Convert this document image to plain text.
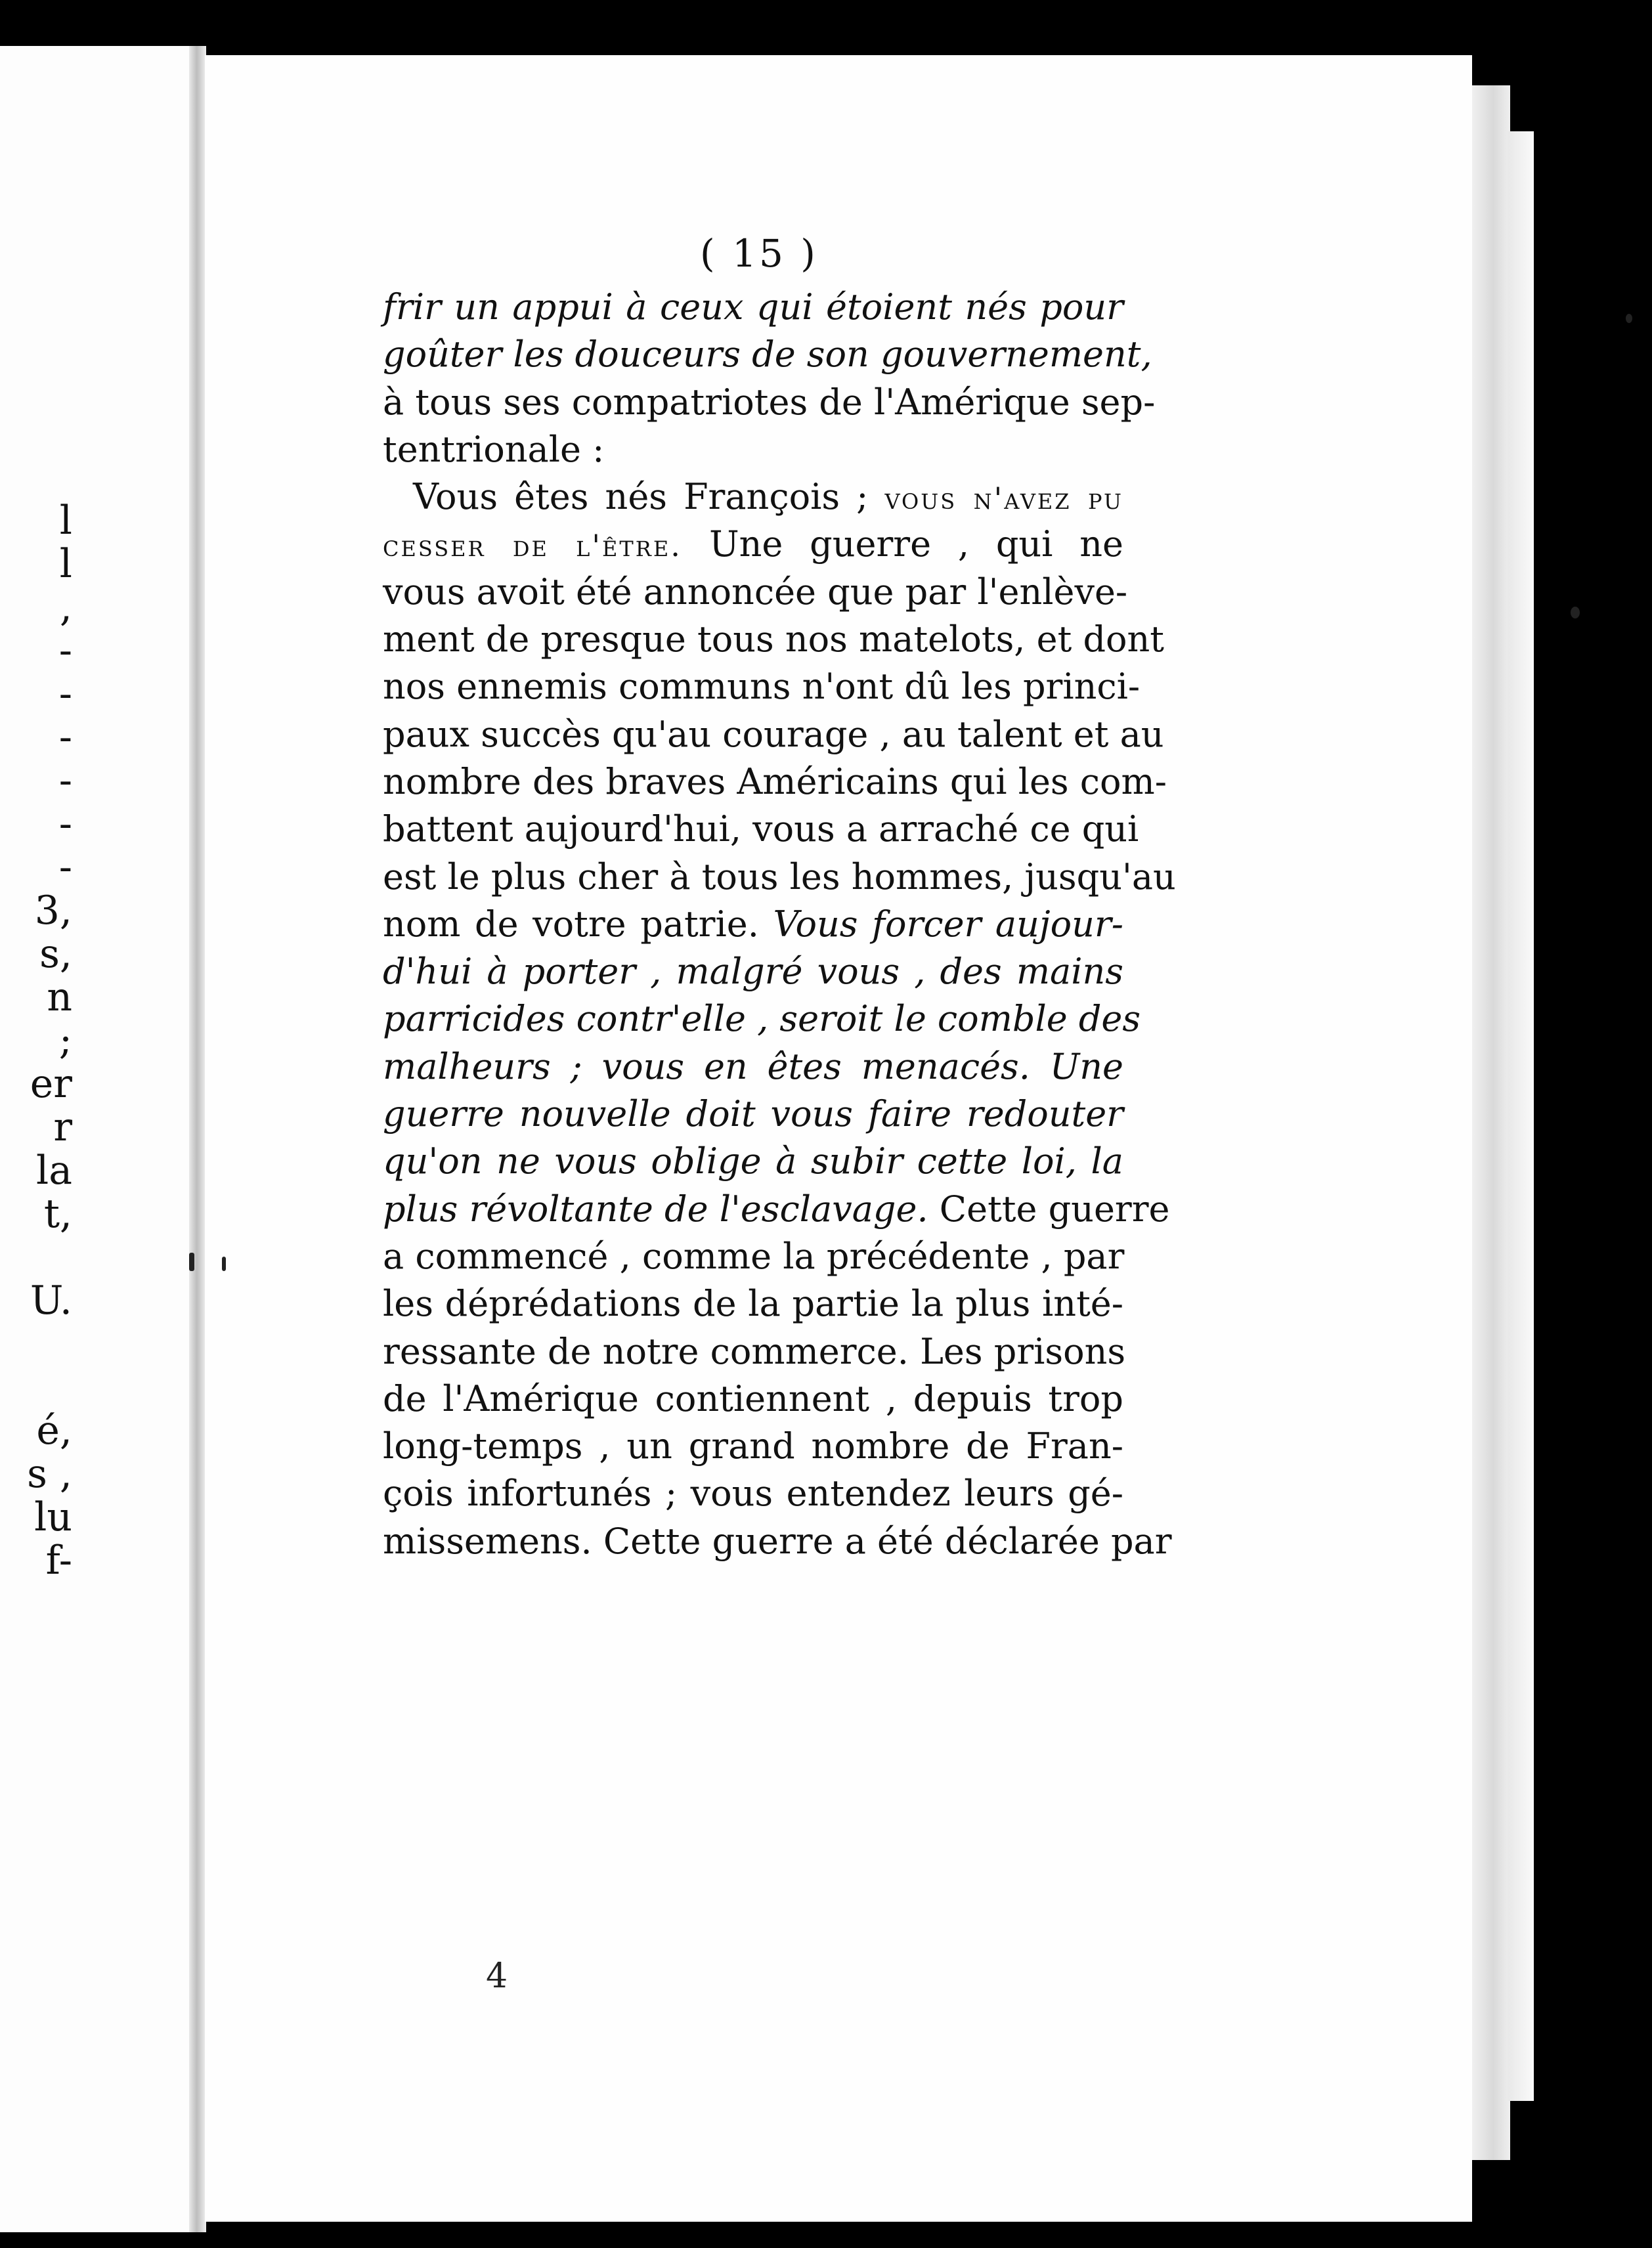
l
l
,
-
-
-
-
-
-
3,
s,
n
;
er
r
la
t,
U.
é,
s ,
lu
f-
( 15 )
frir un appui à ceux qui étoient nés pour
goûter les douceurs de son gouvernement,
à tous ses compatriotes de l'Amérique sep-
tentrionale :
Vous êtes nés François ; vous n'avez pu
cesser de l'être. Une guerre , qui ne
vous avoit été annoncée que par l'enlève-
ment de presque tous nos matelots, et dont
nos ennemis communs n'ont dû les princi-
paux succès qu'au courage , au talent et au
nombre des braves Américains qui les com-
battent aujourd'hui, vous a arraché ce qui
est le plus cher à tous les hommes, jusqu'au
nom de votre patrie. Vous forcer aujour-
d'hui à porter , malgré vous , des mains
parricides contr'elle , seroit le comble des
malheurs ; vous en êtes menacés. Une
guerre nouvelle doit vous faire redouter
qu'on ne vous oblige à subir cette loi, la
plus révoltante de l'esclavage. Cette guerre
a commencé , comme la précédente , par
les déprédations de la partie la plus inté-
ressante de notre commerce. Les prisons
de l'Amérique contiennent , depuis trop
long-temps , un grand nombre de Fran-
çois infortunés ; vous entendez leurs gé-
missemens. Cette guerre a été déclarée par
4
